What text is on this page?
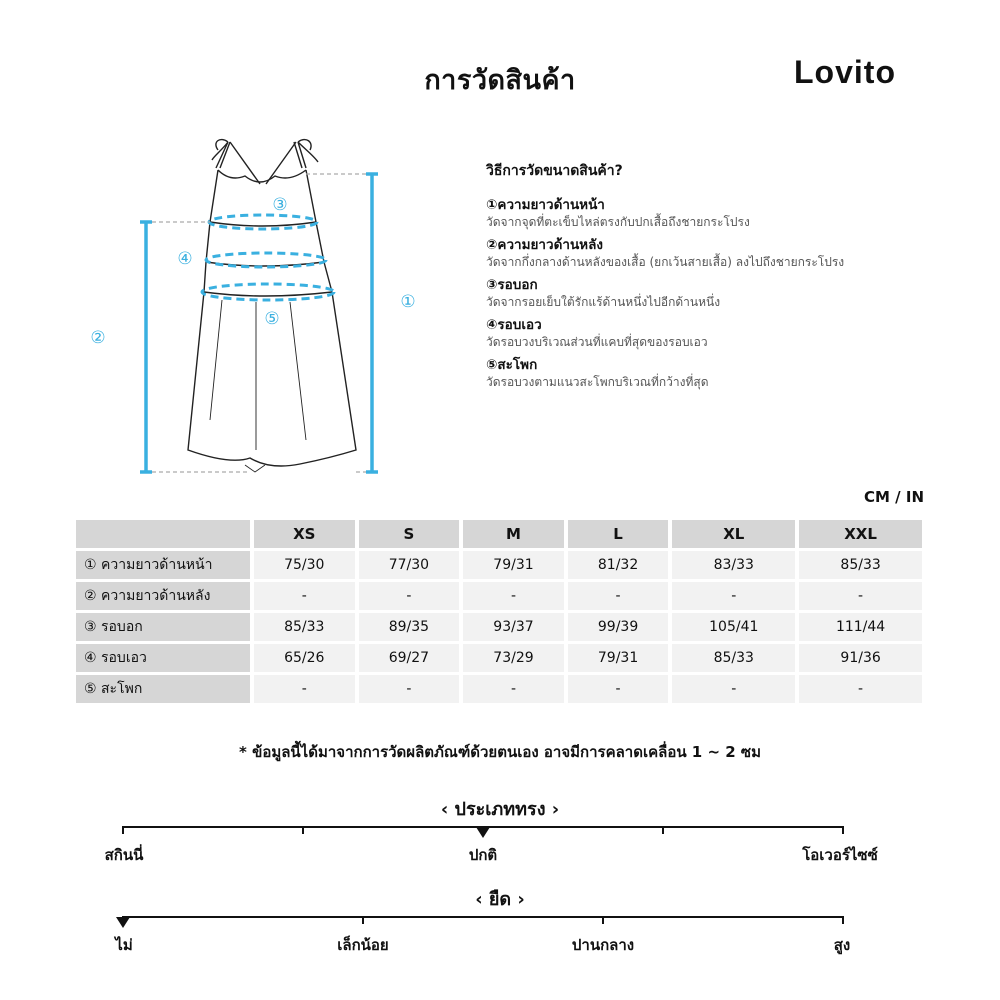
การวัดสินค้า	Lovito
①
②
③
④
⑤
วิธีการวัดขนาดสินค้า?
①ความยาวด้านหน้า
วัดจากจุดที่ตะเข็บไหล่ตรงกับปกเสื้อถึงชายกระโปรง
②ความยาวด้านหลัง
วัดจากกึ่งกลางด้านหลังของเสื้อ (ยกเว้นสายเสื้อ) ลงไปถึงชายกระโปรง
③รอบอก
วัดจากรอยเย็บใต้รักแร้ด้านหนึ่งไปอีกด้านหนึ่ง
④รอบเอว
วัดรอบวงบริเวณส่วนที่แคบที่สุดของรอบเอว
⑤สะโพก
วัดรอบวงตามแนวสะโพกบริเวณที่กว้างที่สุด
CM / IN
	XS	S	M	L	XL	XXL
① ความยาวด้านหน้า	75/30	77/30	79/31	81/32	83/33	85/33
② ความยาวด้านหลัง	-	-	-	-	-	-
③ รอบอก	85/33	89/35	93/37	99/39	105/41	111/44
④ รอบเอว	65/26	69/27	73/29	79/31	85/33	91/36
⑤ สะโพก	-	-	-	-	-	-
* ข้อมูลนี้ได้มาจากการวัดผลิตภัณฑ์ด้วยตนเอง อาจมีการคลาดเคลื่อน 1 ~ 2 ซม
‹ ประเภททรง ›
สกินนี่	ปกติ	โอเวอร์ไซซ์
‹ ยืด ›
ไม่	เล็กน้อย	ปานกลาง	สูง
